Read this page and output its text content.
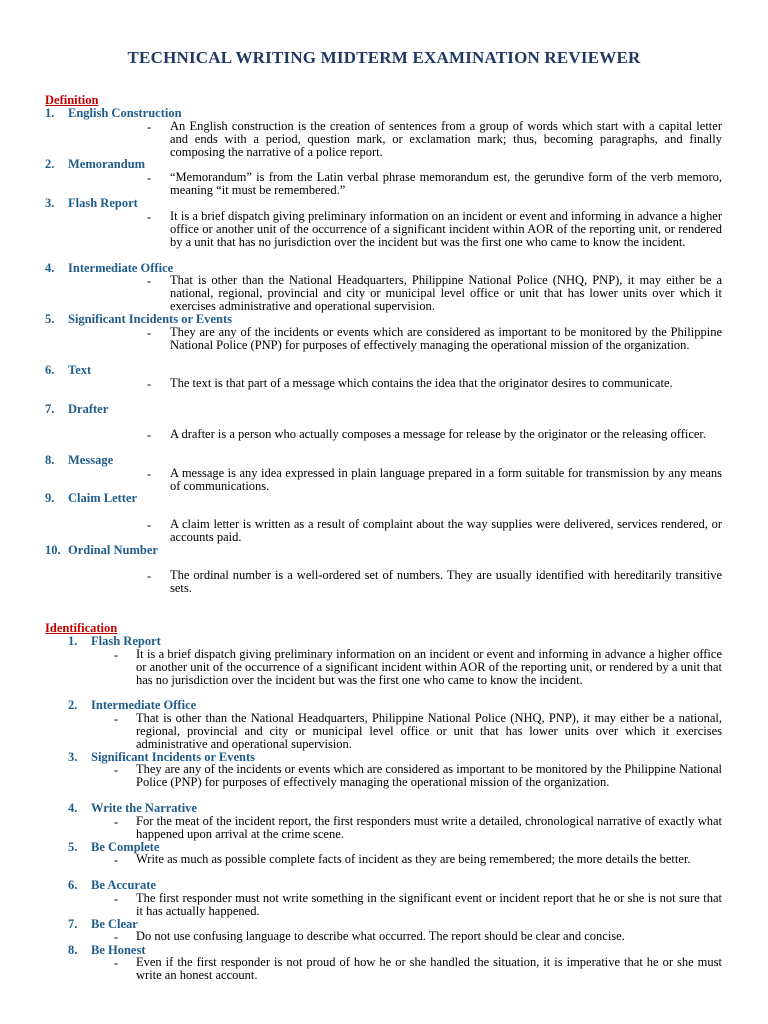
TECHNICAL WRITING MIDTERM EXAMINATION REVIEWER
Definition
1. English Construction
- An English construction is the creation of sentences from a group of words which start with a capital letter and ends with a period, question mark, or exclamation mark; thus, becoming paragraphs, and finally composing the narrative of a police report.
2. Memorandum
- “Memorandum” is from the Latin verbal phrase memorandum est, the gerundive form of the verb memoro, meaning “it must be remembered.”
3. Flash Report
- It is a brief dispatch giving preliminary information on an incident or event and informing in advance a higher office or another unit of the occurrence of a significant incident within AOR of the reporting unit, or rendered by a unit that has no jurisdiction over the incident but was the first one who came to know the incident.
4. Intermediate Office
- That is other than the National Headquarters, Philippine National Police (NHQ, PNP), it may either be a national, regional, provincial and city or municipal level office or unit that has lower units over which it exercises administrative and operational supervision.
5. Significant Incidents or Events
- They are any of the incidents or events which are considered as important to be monitored by the Philippine National Police (PNP) for purposes of effectively managing the operational mission of the organization.
6. Text
- The text is that part of a message which contains the idea that the originator desires to communicate.
7. Drafter
- A drafter is a person who actually composes a message for release by the originator or the releasing officer.
8. Message
- A message is any idea expressed in plain language prepared in a form suitable for transmission by any means of communications.
9. Claim Letter
- A claim letter is written as a result of complaint about the way supplies were delivered, services rendered, or accounts paid.
10. Ordinal Number
- The ordinal number is a well-ordered set of numbers. They are usually identified with hereditarily transitive sets.
Identification
1. Flash Report
- It is a brief dispatch giving preliminary information on an incident or event and informing in advance a higher office or another unit of the occurrence of a significant incident within AOR of the reporting unit, or rendered by a unit that has no jurisdiction over the incident but was the first one who came to know the incident.
2. Intermediate Office
- That is other than the National Headquarters, Philippine National Police (NHQ, PNP), it may either be a national, regional, provincial and city or municipal level office or unit that has lower units over which it exercises administrative and operational supervision.
3. Significant Incidents or Events
- They are any of the incidents or events which are considered as important to be monitored by the Philippine National Police (PNP) for purposes of effectively managing the operational mission of the organization.
4. Write the Narrative
- For the meat of the incident report, the first responders must write a detailed, chronological narrative of exactly what happened upon arrival at the crime scene.
5. Be Complete
- Write as much as possible complete facts of incident as they are being remembered; the more details the better.
6. Be Accurate
- The first responder must not write something in the significant event or incident report that he or she is not sure that it has actually happened.
7. Be Clear
- Do not use confusing language to describe what occurred. The report should be clear and concise.
8. Be Honest
- Even if the first responder is not proud of how he or she handled the situation, it is imperative that he or she must write an honest account.
